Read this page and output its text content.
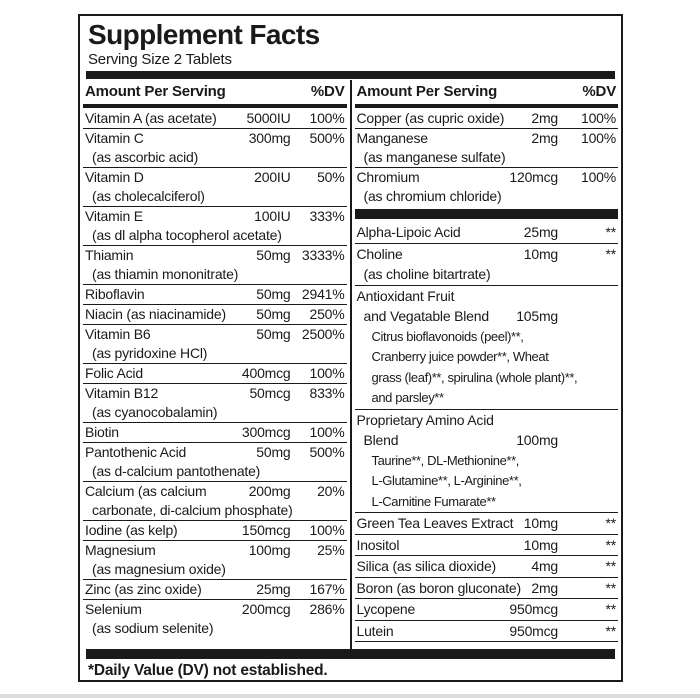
Supplement Facts
Serving Size 2 Tablets
Amount Per Serving	%DV
Vitamin A (as acetate)	5000IU	100%
Vitamin C	300mg	500%
(as ascorbic acid)
Vitamin D	200IU	50%
(as cholecalciferol)
Vitamin E	100IU	333%
(as dl alpha tocopherol acetate)
Thiamin	50mg 3333%
(as thiamin mononitrate)
Riboflavin	50mg 2941%
Niacin (as niacinamide)	50mg	250%
Vitamin B6	50mg 2500%
(as pyridoxine HCl)
Folic Acid	400mcg	100%
Vitamin B12	50mcg	833%
(as cyanocobalamin)
Biotin	300mcg	100%
Pantothenic Acid	50mg	500%
(as d-calcium pantothenate)
Calcium (as calcium	200mg	20%
carbonate, di-calcium phosphate)
Iodine (as kelp)	150mcg	100%
Magnesium	100mg	25%
(as magnesium oxide)
Zinc (as zinc oxide)	25mg	167%
Selenium	200mcg	286%
(as sodium selenite)
Amount Per Serving	%DV
Copper (as cupric oxide)	2mg	100%
Manganese	2mg	100%
(as manganese sulfate)
Chromium	120mcg	100%
(as chromium chloride)
Alpha-Lipoic Acid	25mg	**
Choline	10mg	**
(as choline bitartrate)
Antioxidant Fruit
and Vegatable Blend	105mg
Citrus bioflavonoids (peel)**,
Cranberry juice powder**, Wheat
grass (leaf)**, spirulina (whole plant)**,
and parsley**
Proprietary Amino Acid
Blend	100mg
Taurine**, DL-Methionine**,
L-Glutamine**, L-Arginine**,
L-Carnitine Fumarate**
Green Tea Leaves Extract 10mg	**
Inositol	10mg	**
Silica (as silica dioxide)	4mg	**
Boron (as boron gluconate) 2mg	**
Lycopene	950mcg	**
Lutein	950mcg	**
*Daily Value (DV) not established.
